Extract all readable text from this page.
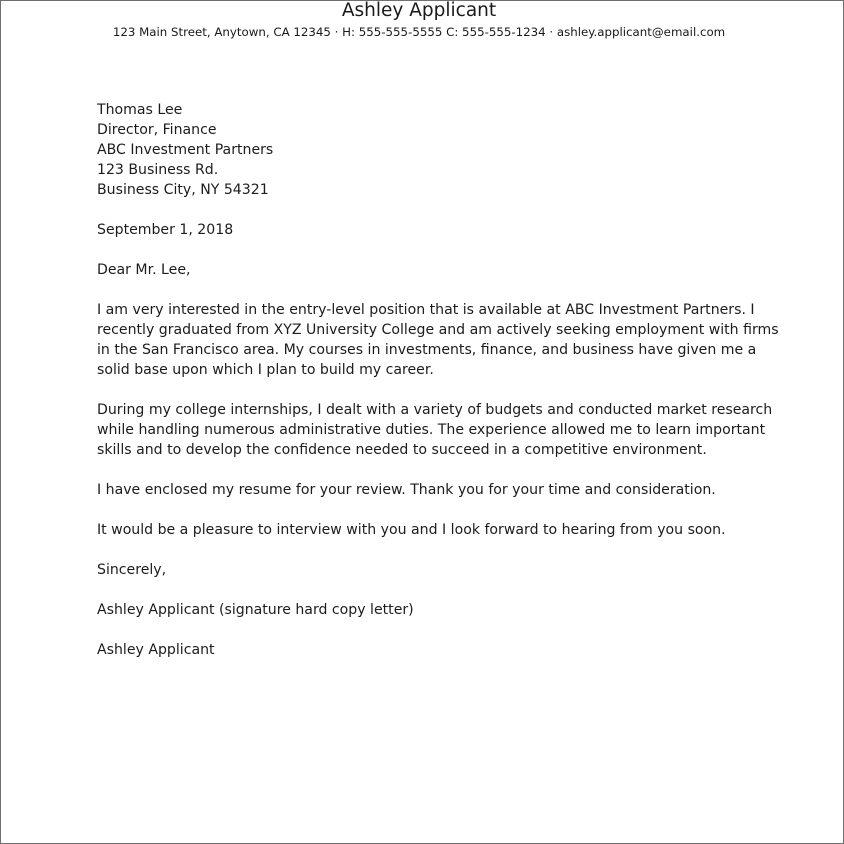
Ashley Applicant
123 Main Street, Anytown, CA 12345 · H: 555-555-5555 C: 555-555-1234 · ashley.applicant@email.com
Thomas Lee
Director, Finance
ABC Investment Partners
123 Business Rd.
Business City, NY 54321
September 1, 2018
Dear Mr. Lee,
I am very interested in the entry-level position that is available at ABC Investment Partners. I
recently graduated from XYZ University College and am actively seeking employment with firms
in the San Francisco area. My courses in investments, finance, and business have given me a
solid base upon which I plan to build my career.
During my college internships, I dealt with a variety of budgets and conducted market research
while handling numerous administrative duties. The experience allowed me to learn important
skills and to develop the confidence needed to succeed in a competitive environment.
I have enclosed my resume for your review. Thank you for your time and consideration.
It would be a pleasure to interview with you and I look forward to hearing from you soon.
Sincerely,
Ashley Applicant (signature hard copy letter)
Ashley Applicant
